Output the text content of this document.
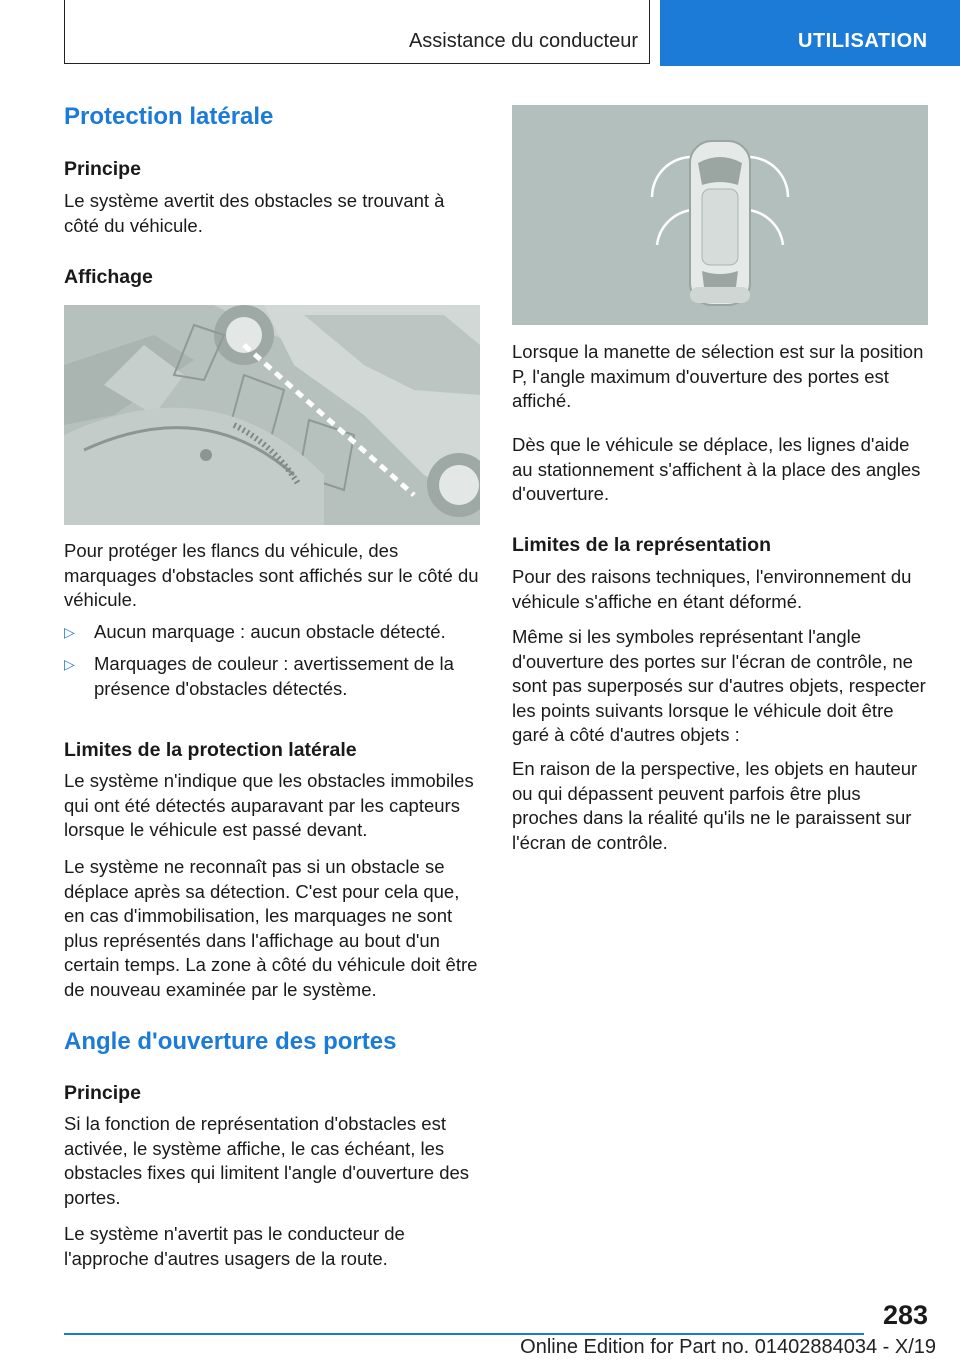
Assistance du conducteur	UTILISATION
Protection latérale
Principe

Le système avertit des obstacles se trouvant à côté du véhicule.

Affichage

Pour protéger les flancs du véhicule, des marquages d'obstacles sont affichés sur le côté du véhicule.

▷ Aucun marquage : aucun obstacle détecté.
▷ Marquages de couleur : avertissement de la présence d'obstacles détectés.
Limites de la protection latérale

Le système n'indique que les obstacles immobiles qui ont été détectés auparavant par les capteurs lorsque le véhicule est passé devant.

Le système ne reconnaît pas si un obstacle se déplace après sa détection. C'est pour cela que, en cas d'immobilisation, les marquages ne sont plus représentés dans l'affichage au bout d'un certain temps. La zone à côté du véhicule doit être de nouveau examinée par le système.

Angle d'ouverture des portes
Principe

Si la fonction de représentation d'obstacles est activée, le système affiche, le cas échéant, les obstacles fixes qui limitent l'angle d'ouverture des portes.

Le système n'avertit pas le conducteur de l'approche d'autres usagers de la route.

Lorsque la manette de sélection est sur la position P, l'angle maximum d'ouverture des portes est affiché.

Dès que le véhicule se déplace, les lignes d'aide au stationnement s'affichent à la place des angles d'ouverture.

Limites de la représentation

Pour des raisons techniques, l'environnement du véhicule s'affiche en étant déformé.

Même si les symboles représentant l'angle d'ouverture des portes sur l'écran de contrôle, ne sont pas superposés sur d'autres objets, respecter les points suivants lorsque le véhicule doit être garé à côté d'autres objets :

En raison de la perspective, les objets en hauteur ou qui dépassent peuvent parfois être plus proches dans la réalité qu'ils ne le paraissent sur l'écran de contrôle.

283
Online Edition for Part no. 01402884034 - X/19
